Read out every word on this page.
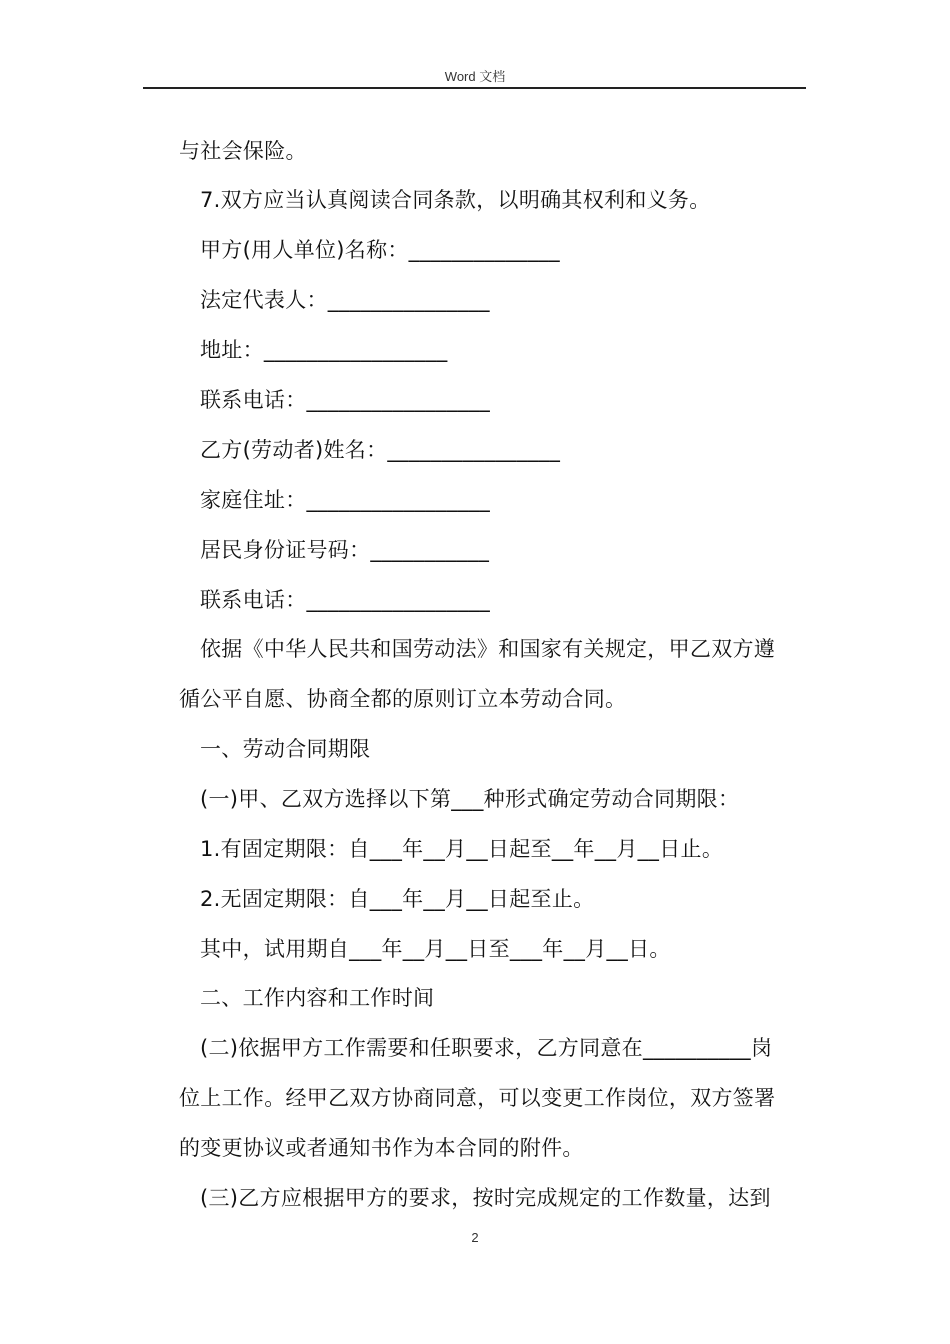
Word 文档
与社会保险。
7.双方应当认真阅读合同条款，以明确其权利和义务。
甲方(用人单位)名称：______________
法定代表人：_______________
地址：_________________
联系电话：_________________
乙方(劳动者)姓名：________________
家庭住址：_________________
居民身份证号码：___________
联系电话：_________________
依据《中华人民共和国劳动法》和国家有关规定，甲乙双方遵
循公平自愿、协商全都的原则订立本劳动合同。
一、劳动合同期限
(一)甲、乙双方选择以下第___种形式确定劳动合同期限：
1.有固定期限：自___年__月__日起至__年__月__日止。
2.无固定期限：自___年__月__日起至止。
其中，试用期自___年__月__日至___年__月__日。
二、工作内容和工作时间
(二)依据甲方工作需要和任职要求，乙方同意在__________岗
位上工作。经甲乙双方协商同意，可以变更工作岗位，双方签署
的变更协议或者通知书作为本合同的附件。
(三)乙方应根据甲方的要求，按时完成规定的工作数量，达到
2
